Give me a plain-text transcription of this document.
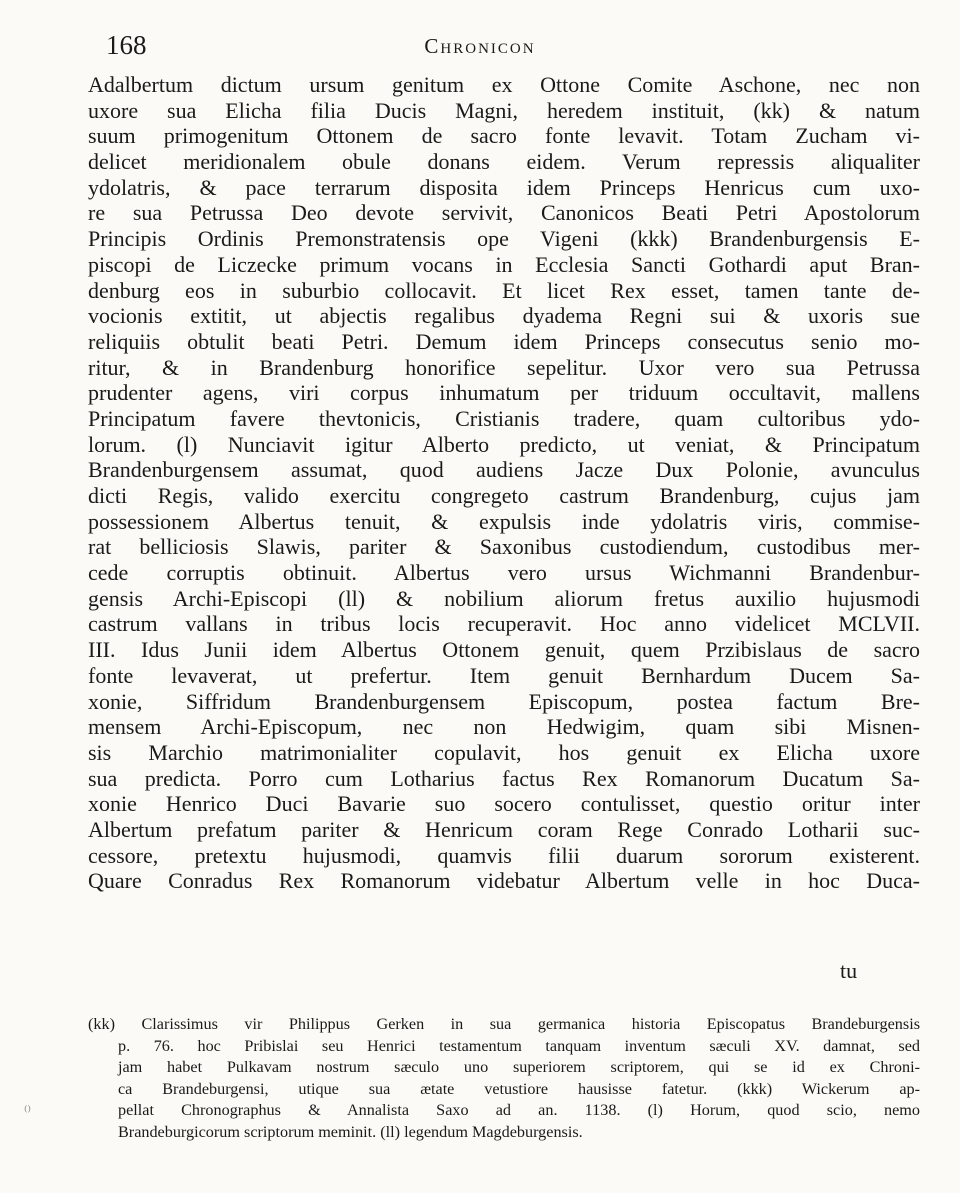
168	Chronicon
Adalbertum dictum ursum genitum ex Ottone Comite Aschone, nec non
uxore sua Elicha filia Ducis Magni, heredem instituit, (kk) & natum
suum primogenitum Ottonem de sacro fonte levavit. Totam Zucham vi-
delicet meridionalem obule donans eidem. Verum repressis aliqualiter
ydolatris, & pace terrarum disposita idem Princeps Henricus cum uxo-
re sua Petrussa Deo devote servivit, Canonicos Beati Petri Apostolorum
Principis Ordinis Premonstratensis ope Vigeni (kkk) Brandenburgensis E-
piscopi de Liczecke primum vocans in Ecclesia Sancti Gothardi aput Bran-
denburg eos in suburbio collocavit. Et licet Rex esset, tamen tante de-
vocionis extitit, ut abjectis regalibus dyadema Regni sui & uxoris sue
reliquiis obtulit beati Petri. Demum idem Princeps consecutus senio mo-
ritur, & in Brandenburg honorifice sepelitur. Uxor vero sua Petrussa
prudenter agens, viri corpus inhumatum per triduum occultavit, mallens
Principatum favere thevtonicis, Cristianis tradere, quam cultoribus ydo-
lorum. (l) Nunciavit igitur Alberto predicto, ut veniat, & Principatum
Brandenburgensem assumat, quod audiens Jacze Dux Polonie, avunculus
dicti Regis, valido exercitu congregeto castrum Brandenburg, cujus jam
possessionem Albertus tenuit, & expulsis inde ydolatris viris, commise-
rat belliciosis Slawis, pariter & Saxonibus custodiendum, custodibus mer-
cede corruptis obtinuit. Albertus vero ursus Wichmanni Brandenbur-
gensis Archi-Episcopi (ll) & nobilium aliorum fretus auxilio hujusmodi
castrum vallans in tribus locis recuperavit. Hoc anno videlicet MCLVII.
III. Idus Junii idem Albertus Ottonem genuit, quem Przibislaus de sacro
fonte levaverat, ut prefertur. Item genuit Bernhardum Ducem Sa-
xonie, Siffridum Brandenburgensem Episcopum, postea factum Bre-
mensem Archi-Episcopum, nec non Hedwigim, quam sibi Misnen-
sis Marchio matrimonialiter copulavit, hos genuit ex Elicha uxore
sua predicta. Porro cum Lotharius factus Rex Romanorum Ducatum Sa-
xonie Henrico Duci Bavarie suo socero contulisset, questio oritur inter
Albertum prefatum pariter & Henricum coram Rege Conrado Lotharii suc-
cessore, pretextu hujusmodi, quamvis filii duarum sororum existerent.
Quare Conradus Rex Romanorum videbatur Albertum velle in hoc Duca-
tu
(kk) Clarissimus vir Philippus Gerken in sua germanica historia Episcopatus Brandeburgensis
p. 76. hoc Pribislai seu Henrici testamentum tanquam inventum sæculi XV. damnat, sed
jam habet Pulkavam nostrum sæculo uno superiorem scriptorem, qui se id ex Chroni-
ca Brandeburgensi, utique sua ætate vetustiore hausisse fatetur. (kkk) Wickerum ap-
pellat Chronographus & Annalista Saxo ad an. 1138. (l) Horum, quod scio, nemo
Brandeburgicorum scriptorum meminit. (ll) legendum Magdeburgensis.
⁽⁾
